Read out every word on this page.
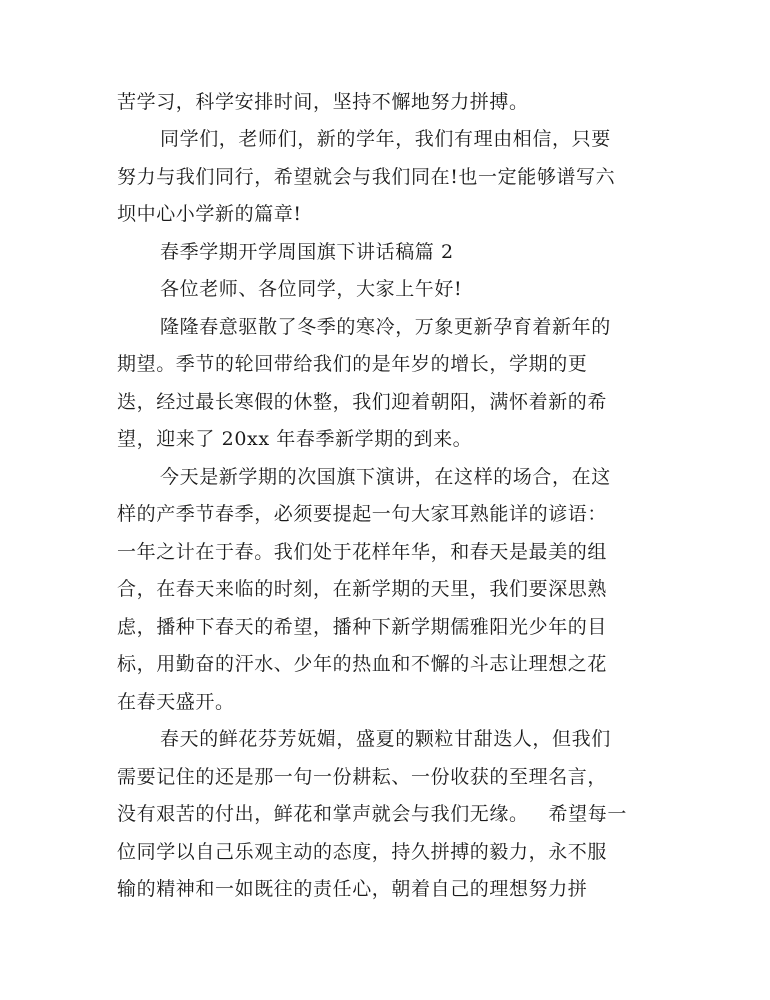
苦学习，科学安排时间，坚持不懈地努力拼搏。
同学们，老师们，新的学年，我们有理由相信，只要
努力与我们同行，希望就会与我们同在!也一定能够谱写六
坝中心小学新的篇章!
春季学期开学周国旗下讲话稿篇 2
各位老师、各位同学，大家上午好!
隆隆春意驱散了冬季的寒冷，万象更新孕育着新年的
期望。季节的轮回带给我们的是年岁的增长，学期的更
迭，经过最长寒假的休整，我们迎着朝阳，满怀着新的希
望，迎来了 20xx 年春季新学期的到来。
今天是新学期的次国旗下演讲，在这样的场合，在这
样的产季节春季，必须要提起一句大家耳熟能详的谚语：
一年之计在于春。我们处于花样年华，和春天是最美的组
合，在春天来临的时刻，在新学期的天里，我们要深思熟
虑，播种下春天的希望，播种下新学期儒雅阳光少年的目
标，用勤奋的汗水、少年的热血和不懈的斗志让理想之花
在春天盛开。
春天的鲜花芬芳妩媚，盛夏的颗粒甘甜迭人，但我们
需要记住的还是那一句一份耕耘、一份收获的至理名言，
没有艰苦的付出，鲜花和掌声就会与我们无缘。   希望每一
位同学以自己乐观主动的态度，持久拼搏的毅力，永不服
输的精神和一如既往的责任心，朝着自己的理想努力拼
